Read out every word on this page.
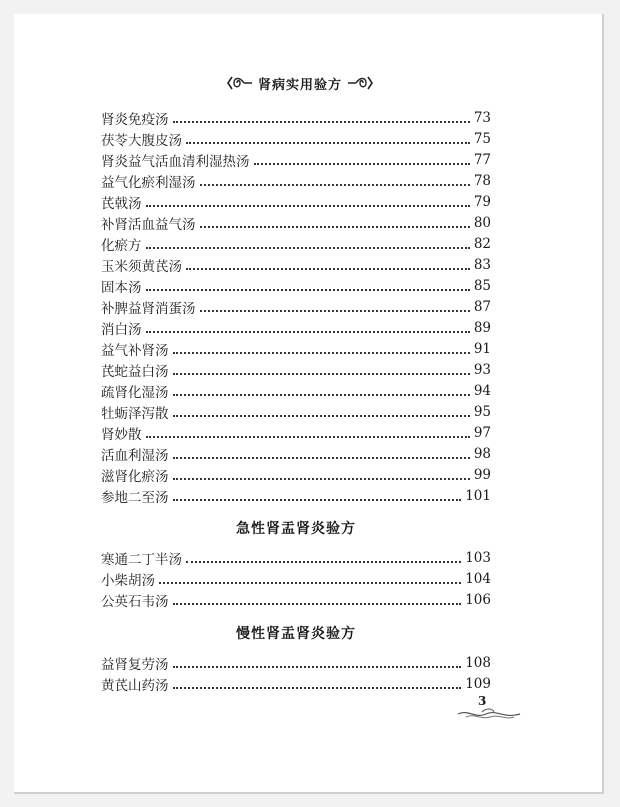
肾病实用验方
肾炎免疫汤	73
茯苓大腹皮汤	75
肾炎益气活血清利湿热汤	77
益气化瘀利湿汤	78
芪戟汤	79
补肾活血益气汤	80
化瘀方	82
玉米须黄芪汤	83
固本汤	85
补脾益肾消蛋汤	87
消白汤	89
益气补肾汤	91
芪蛇益白汤	93
疏肾化湿汤	94
牡蛎泽泻散	95
肾妙散	97
活血利湿汤	98
滋肾化瘀汤	99
参地二至汤	101
急性肾盂肾炎验方
寒通二丁半汤	103
小柴胡汤	104
公英石韦汤	106
慢性肾盂肾炎验方
益肾复劳汤	108
黄芪山药汤	109
3
